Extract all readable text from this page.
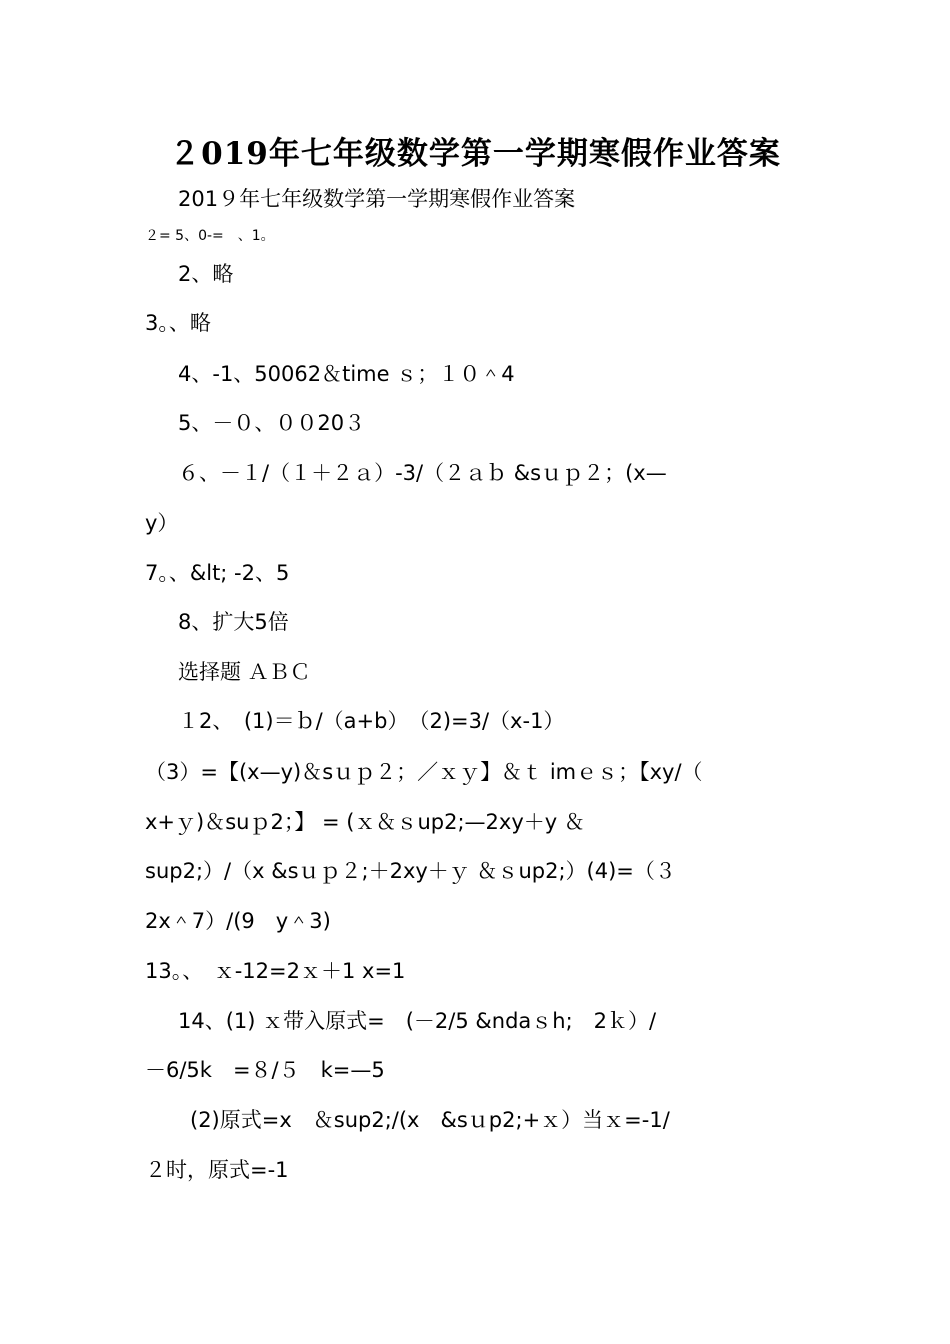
２019年七年级数学第一学期寒假作业答案
201９年七年级数学第一学期寒假作业答案
２= 5、0-=　、1。
2、略
3。、略
4、-1、50062＆time ｓ；１０＾4
5、－０、００20３
６、－１/（１＋２ａ）-3/（２ａｂ &sｕｐ２；(x—
y）
7。、&lt; -2、5
8、扩大5倍
选择题 ＡＢＣ
１2、　(1)＝ｂ/（a+b）　（2)=3/（x-1）
（3）=【(x—y)＆sｕｐ２；／ｘｙ】＆ｔ imｅｓ；【xy/（
x+ｙ)＆suｐ2；】 = (ｘ＆ｓup2;—2xy＋y ＆
sup2;）/（x &sｕｐ２;＋2xy＋ｙ ＆ｓup2;）(4)=（３
2x＾7）/(9　y＾3)
13。、　ｘ-12=2ｘ＋1 x=1
14、(1) ｘ带入原式=　(－2/5 &ndaｓh;　2ｋ）/
－6/5k　=８/５　k=—5
(2)原式=x　＆sup2;/(x　&sｕp2;+ｘ）当ｘ=-1/
２时，原式=-1
